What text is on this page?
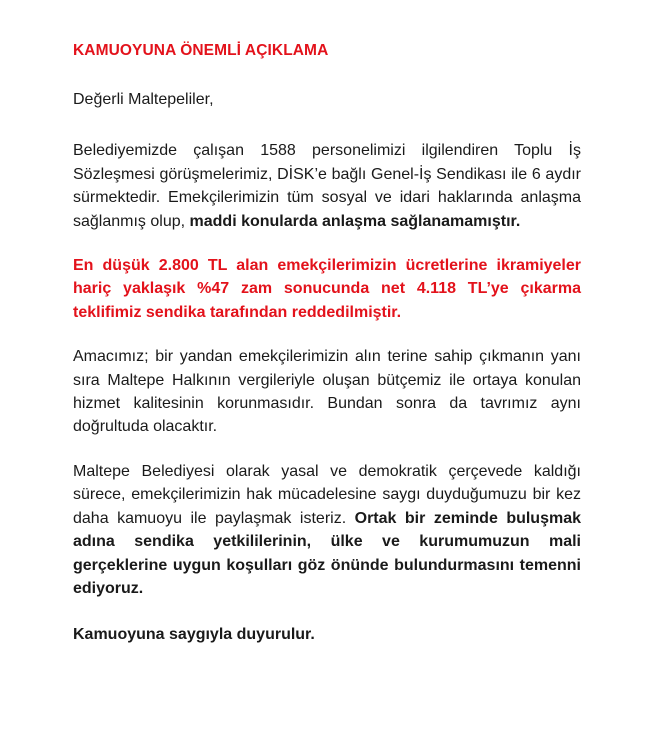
KAMUOYUNA ÖNEMLİ AÇIKLAMA

Değerli Maltepeliler,

Belediyemizde çalışan 1588 personelimizi ilgilendiren Toplu İş Sözleşmesi görüşmelerimiz, DİSK’e bağlı Genel-İş Sendikası ile 6 aydır sürmektedir. Emekçilerimizin tüm sosyal ve idari haklarında anlaşma sağlanmış olup, maddi konularda anlaşma sağlanamamıştır.

En düşük 2.800 TL alan emekçilerimizin ücretlerine ikramiyeler hariç yaklaşık %47 zam sonucunda net 4.118 TL’ye çıkarma teklifimiz sendika tarafından reddedilmiştir.

Amacımız; bir yandan emekçilerimizin alın terine sahip çıkmanın yanı sıra Maltepe Halkının vergileriyle oluşan bütçemiz ile ortaya konulan hizmet kalitesinin korunmasıdır. Bundan sonra da tavrımız aynı doğrultuda olacaktır.

Maltepe Belediyesi olarak yasal ve demokratik çerçevede kaldığı sürece, emekçilerimizin hak mücadelesine saygı duyduğumuzu bir kez daha kamuoyu ile paylaşmak isteriz. Ortak bir zeminde buluşmak adına sendika yetkililerinin, ülke ve kurumumuzun mali gerçeklerine uygun koşulları göz önünde bulundurmasını temenni ediyoruz.

Kamuoyuna saygıyla duyurulur.
